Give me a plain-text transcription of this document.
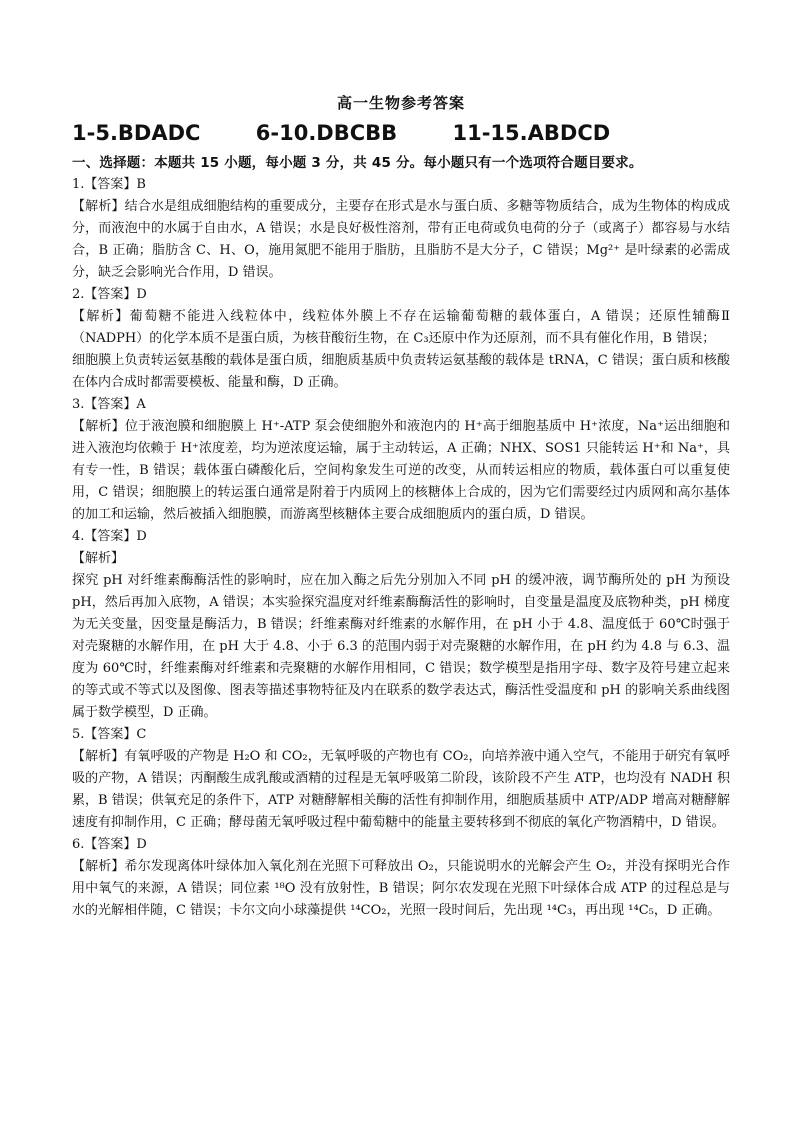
高一生物参考答案
1-5.BDADC	6-10.DBCBB	11-15.ABDCD
一、选择题：本题共 15 小题，每小题 3 分，共 45 分。每小题只有一个选项符合题目要求。

1.【答案】B

【解析】结合水是组成细胞结构的重要成分，主要存在形式是水与蛋白质、多糖等物质结合，成为生物体的构成成分，而液泡中的水属于自由水，A 错误；水是良好极性溶剂，带有正电荷或负电荷的分子（或离子）都容易与水结合，B 正确；脂肪含 C、H、O，施用氮肥不能用于脂肪，且脂肪不是大分子，C 错误；Mg²⁺ 是叶绿素的必需成分，缺乏会影响光合作用，D 错误。

2.【答案】D

【解析】葡萄糖不能进入线粒体中，线粒体外膜上不存在运输葡萄糖的载体蛋白，A 错误；还原性辅酶Ⅱ（NADPH）的化学本质不是蛋白质，为核苷酸衍生物，在 C₃还原中作为还原剂，而不具有催化作用，B 错误；

细胞膜上负责转运氨基酸的载体是蛋白质，细胞质基质中负责转运氨基酸的载体是 tRNA，C 错误；蛋白质和核酸在体内合成时都需要模板、能量和酶，D 正确。

3.【答案】A

【解析】位于液泡膜和细胞膜上 H⁺-ATP 泵会使细胞外和液泡内的 H⁺高于细胞基质中 H⁺浓度，Na⁺运出细胞和进入液泡均依赖于 H⁺浓度差，均为逆浓度运输，属于主动转运，A 正确；NHX、SOS1 只能转运 H⁺和 Na⁺，具有专一性，B 错误；载体蛋白磷酸化后，空间构象发生可逆的改变，从而转运相应的物质，载体蛋白可以重复使用，C 错误；细胞膜上的转运蛋白通常是附着于内质网上的核糖体上合成的，因为它们需要经过内质网和高尔基体的加工和运输，然后被插入细胞膜，而游离型核糖体主要合成细胞质内的蛋白质，D 错误。

4.【答案】D

【解析】

探究 pH 对纤维素酶酶活性的影响时，应在加入酶之后先分别加入不同 pH 的缓冲液，调节酶所处的 pH 为预设 pH，然后再加入底物，A 错误；本实验探究温度对纤维素酶酶活性的影响时，自变量是温度及底物种类，pH 梯度为无关变量，因变量是酶活力，B 错误；纤维素酶对纤维素的水解作用，在 pH 小于 4.8、温度低于 60℃时强于对壳聚糖的水解作用，在 pH 大于 4.8、小于 6.3 的范围内弱于对壳聚糖的水解作用，在 pH 约为 4.8 与 6.3、温度为 60℃时，纤维素酶对纤维素和壳聚糖的水解作用相同，C 错误；数学模型是指用字母、数字及符号建立起来的等式或不等式以及图像、图表等描述事物特征及内在联系的数学表达式，酶活性受温度和 pH 的影响关系曲线图属于数学模型，D 正确。

5.【答案】C

【解析】有氧呼吸的产物是 H₂O 和 CO₂，无氧呼吸的产物也有 CO₂，向培养液中通入空气，不能用于研究有氧呼吸的产物，A 错误；丙酮酸生成乳酸或酒精的过程是无氧呼吸第二阶段，该阶段不产生 ATP，也均没有 NADH 积累，B 错误；供氧充足的条件下，ATP 对糖酵解相关酶的活性有抑制作用，细胞质基质中 ATP/ADP 增高对糖酵解速度有抑制作用，C 正确；酵母菌无氧呼吸过程中葡萄糖中的能量主要转移到不彻底的氧化产物酒精中，D 错误。

6.【答案】D

【解析】希尔发现离体叶绿体加入氧化剂在光照下可释放出 O₂，只能说明水的光解会产生 O₂，并没有探明光合作用中氧气的来源，A 错误；同位素 ¹⁸O 没有放射性，B 错误；阿尔农发现在光照下叶绿体合成 ATP 的过程总是与水的光解相伴随，C 错误；卡尔文向小球藻提供 ¹⁴CO₂，光照一段时间后，先出现 ¹⁴C₃，再出现 ¹⁴C₅，D 正确。
